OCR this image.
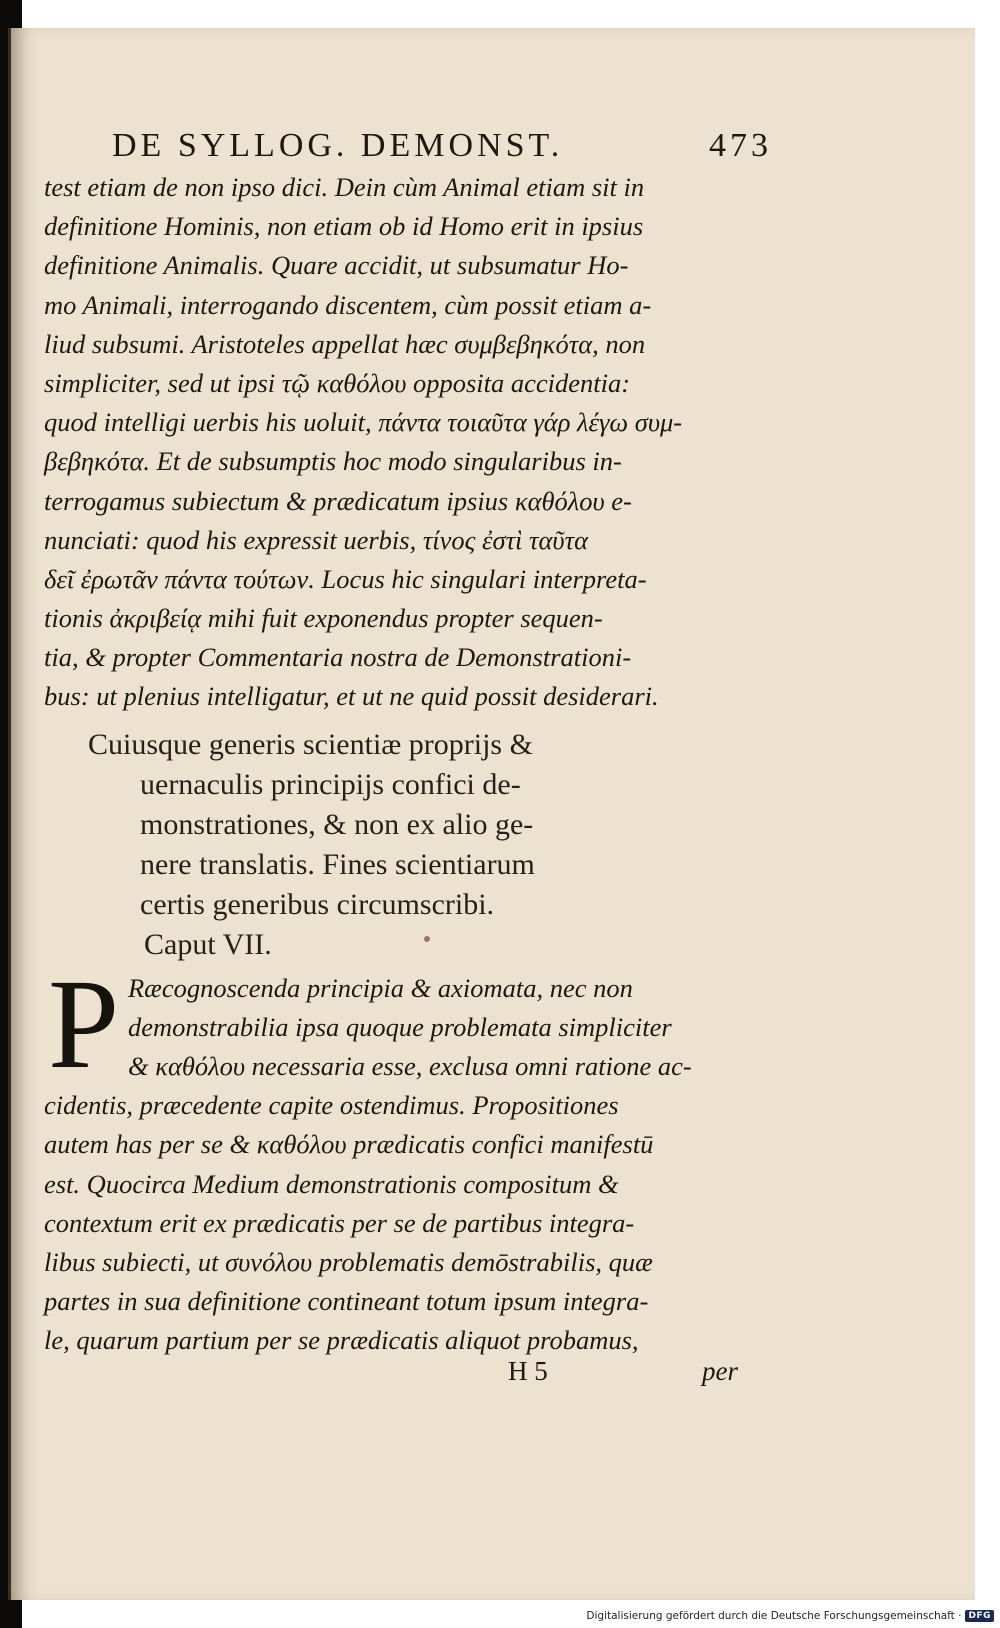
DE SYLLOG. DEMONST.	473
test etiam de non ipso dici. Dein cùm Animal etiam sit in
definitione Hominis, non etiam ob id Homo erit in ipsius
definitione Animalis. Quare accidit, ut subsumatur Ho-
mo Animali, interrogando discentem, cùm possit etiam a-
liud subsumi. Aristoteles appellat hæc συμβεβηκότα, non
simpliciter, sed ut ipsi τῷ καθόλου opposita accidentia:
quod intelligi uerbis his uoluit, πάντα τοιαῦτα γάρ λέγω συμ-
βεβηκότα. Et de subsumptis hoc modo singularibus in-
terrogamus subiectum & prædicatum ipsius καθόλου e-
nunciati: quod his expressit uerbis, τίνος ἐστὶ ταῦτα
δεῖ ἐρωτᾶν πάντα τούτων. Locus hic singulari interpreta-
tionis ἀκριβείᾳ mihi fuit exponendus propter sequen-
tia, & propter Commentaria nostra de Demonstrationi-
bus: ut plenius intelligatur, et ut ne quid possit desiderari.
Cuiusque generis scientiæ proprijs &
uernaculis principijs confici de-
monstrationes, & non ex alio ge-
nere translatis. Fines scientiarum
certis generibus circumscribi.
Caput VII.
P Ræcognoscenda principia & axiomata, nec non
demonstrabilia ipsa quoque problemata simpliciter
& καθόλου necessaria esse, exclusa omni ratione ac-
cidentis, præcedente capite ostendimus. Propositiones
autem has per se & καθόλου prædicatis confici manifestū
est. Quocirca Medium demonstrationis compositum &
contextum erit ex prædicatis per se de partibus integra-
libus subiecti, ut συνόλου problematis demōstrabilis, quæ
partes in sua definitione contineant totum ipsum integra-
le, quarum partium per se prædicatis aliquot probamus,
H 5	per
Digitalisierung gefördert durch die Deutsche Forschungsgemeinschaft · DFG
